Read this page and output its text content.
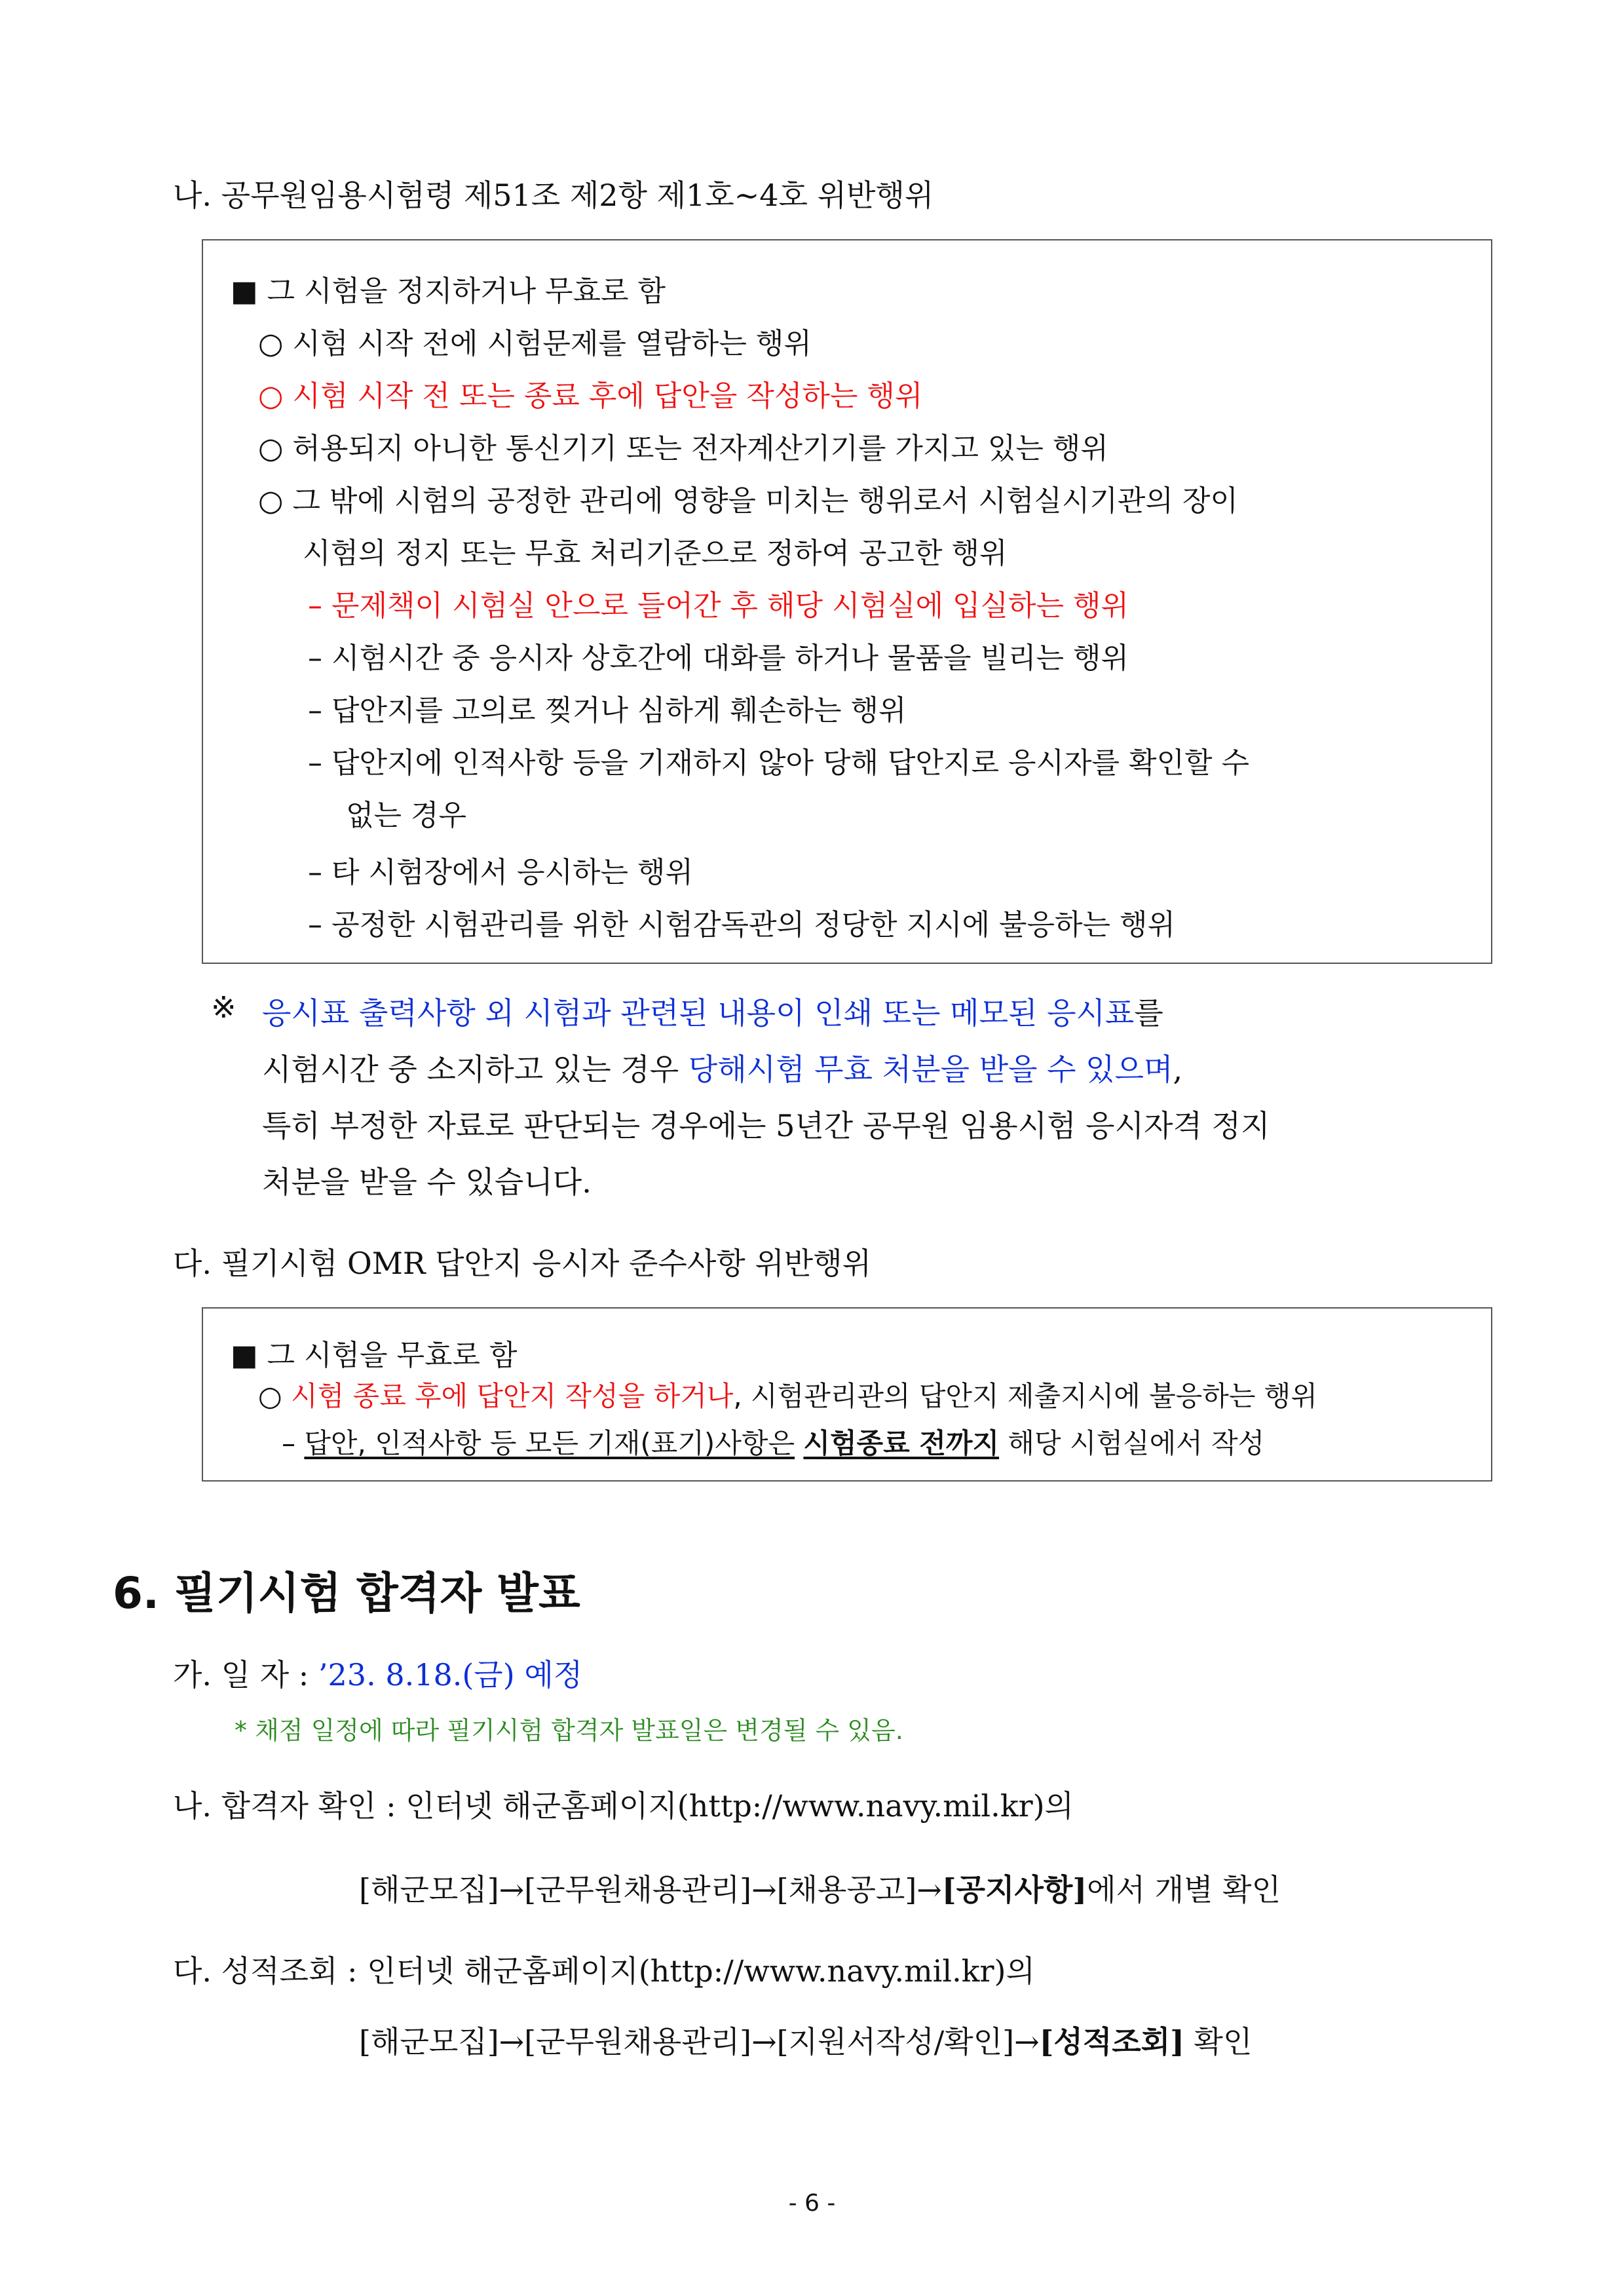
나. 공무원임용시험령 제51조 제2항 제1호~4호 위반행위
■ 그 시험을 정지하거나 무효로 함
○ 시험 시작 전에 시험문제를 열람하는 행위
○ 시험 시작 전 또는 종료 후에 답안을 작성하는 행위
○ 허용되지 아니한 통신기기 또는 전자계산기기를 가지고 있는 행위
○ 그 밖에 시험의 공정한 관리에 영향을 미치는 행위로서 시험실시기관의 장이
시험의 정지 또는 무효 처리기준으로 정하여 공고한 행위
– 문제책이 시험실 안으로 들어간 후 해당 시험실에 입실하는 행위
– 시험시간 중 응시자 상호간에 대화를 하거나 물품을 빌리는 행위
– 답안지를 고의로 찢거나 심하게 훼손하는 행위
– 답안지에 인적사항 등을 기재하지 않아 당해 답안지로 응시자를 확인할 수
없는 경우
– 타 시험장에서 응시하는 행위
– 공정한 시험관리를 위한 시험감독관의 정당한 지시에 불응하는 행위
※ 응시표 출력사항 외 시험과 관련된 내용이 인쇄 또는 메모된 응시표를
시험시간 중 소지하고 있는 경우 당해시험 무효 처분을 받을 수 있으며,
특히 부정한 자료로 판단되는 경우에는 5년간 공무원 임용시험 응시자격 정지
처분을 받을 수 있습니다.
다. 필기시험 OMR 답안지 응시자 준수사항 위반행위
■ 그 시험을 무효로 함
○ 시험 종료 후에 답안지 작성을 하거나, 시험관리관의 답안지 제출지시에 불응하는 행위
– 답안, 인적사항 등 모든 기재(표기)사항은 시험종료 전까지 해당 시험실에서 작성
6. 필기시험 합격자 발표
가. 일 자 : ’23. 8.18.(금) 예정
* 채점 일정에 따라 필기시험 합격자 발표일은 변경될 수 있음.
나. 합격자 확인 : 인터넷 해군홈페이지(http://www.navy.mil.kr)의
[해군모집]→[군무원채용관리]→[채용공고]→[공지사항]에서 개별 확인
다. 성적조회 : 인터넷 해군홈페이지(http://www.navy.mil.kr)의
[해군모집]→[군무원채용관리]→[지원서작성/확인]→[성적조회] 확인
- 6 -
